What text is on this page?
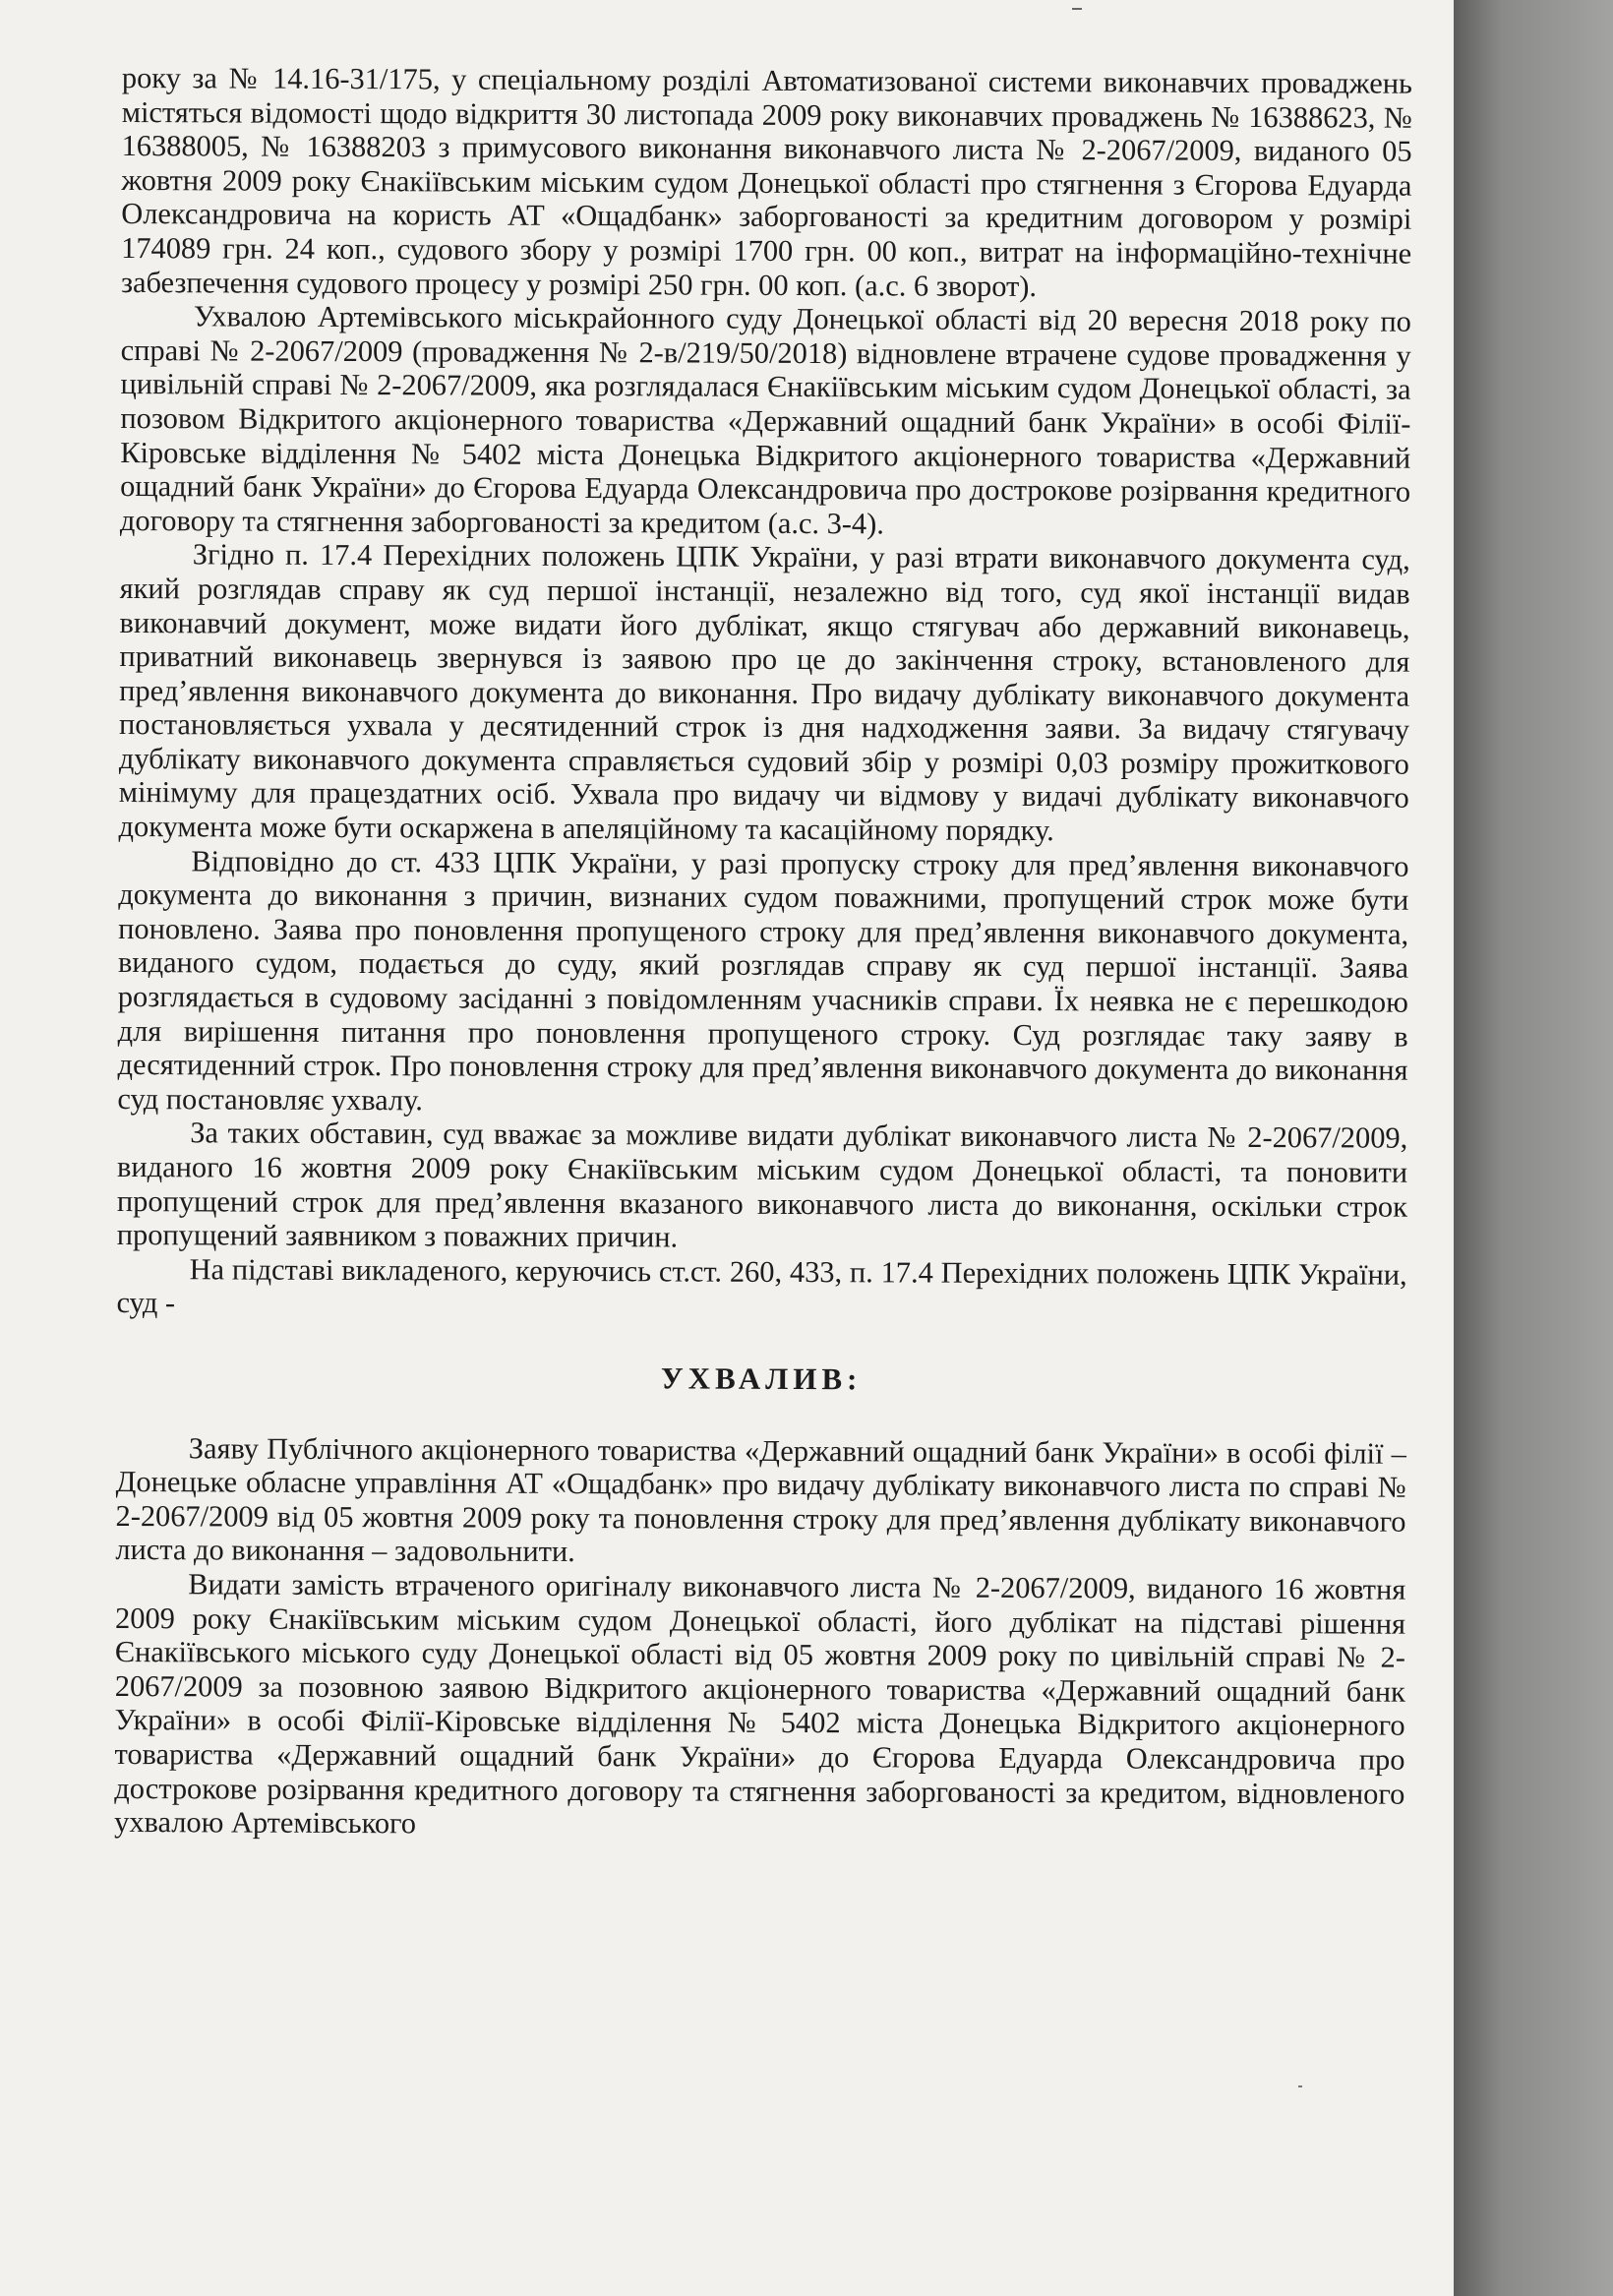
року за № 14.16-31/175, у спеціальному розділі Автоматизованої системи виконавчих проваджень містяться відомості щодо відкриття 30 листопада 2009 року виконавчих проваджень № 16388623, № 16388005, № 16388203 з примусового виконання виконавчого листа № 2-2067/2009, виданого 05 жовтня 2009 року Єнакіївським міським судом Донецької області про стягнення з Єгорова Едуарда Олександровича на користь АТ «Ощадбанк» заборгованості за кредитним договором у розмірі 174089 грн. 24 коп., судового збору у розмірі 1700 грн. 00 коп., витрат на інформаційно-технічне забезпечення судового процесу у розмірі 250 грн. 00 коп. (а.с. 6 зворот).

Ухвалою Артемівського міськрайонного суду Донецької області від 20 вересня 2018 року по справі № 2-2067/2009 (провадження № 2-в/219/50/2018) відновлене втрачене судове провадження у цивільній справі № 2-2067/2009, яка розглядалася Єнакіївським міським судом Донецької області, за позовом Відкритого акціонерного товариства «Державний ощадний банк України» в особі Філії-Кіровське відділення № 5402 міста Донецька Відкритого акціонерного товариства «Державний ощадний банк України» до Єгорова Едуарда Олександровича про дострокове розірвання кредитного договору та стягнення заборгованості за кредитом (а.с. 3-4).

Згідно п. 17.4 Перехідних положень ЦПК України, у разі втрати виконавчого документа суд, який розглядав справу як суд першої інстанції, незалежно від того, суд якої інстанції видав виконавчий документ, може видати його дублікат, якщо стягувач або державний виконавець, приватний виконавець звернувся із заявою про це до закінчення строку, встановленого для пред’явлення виконавчого документа до виконання. Про видачу дублікату виконавчого документа постановляється ухвала у десятиденний строк із дня надходження заяви. За видачу стягувачу дублікату виконавчого документа справляється судовий збір у розмірі 0,03 розміру прожиткового мінімуму для працездатних осіб. Ухвала про видачу чи відмову у видачі дублікату виконавчого документа може бути оскаржена в апеляційному та касаційному порядку.

Відповідно до ст. 433 ЦПК України, у разі пропуску строку для пред’явлення виконавчого документа до виконання з причин, визнаних судом поважними, пропущений строк може бути поновлено. Заява про поновлення пропущеного строку для пред’явлення виконавчого документа, виданого судом, подається до суду, який розглядав справу як суд першої інстанції. Заява розглядається в судовому засіданні з повідомленням учасників справи. Їх неявка не є перешкодою для вирішення питання про поновлення пропущеного строку. Суд розглядає таку заяву в десятиденний строк. Про поновлення строку для пред’явлення виконавчого документа до виконання суд постановляє ухвалу.

За таких обставин, суд вважає за можливе видати дублікат виконавчого листа № 2-2067/2009, виданого 16 жовтня 2009 року Єнакіївським міським судом Донецької області, та поновити пропущений строк для пред’явлення вказаного виконавчого листа до виконання, оскільки строк пропущений заявником з поважних причин.

На підставі викладеного, керуючись ст.ст. 260, 433, п. 17.4 Перехідних положень ЦПК України, суд -

УХВАЛИВ:

Заяву Публічного акціонерного товариства «Державний ощадний банк України» в особі філії – Донецьке обласне управління АТ «Ощадбанк» про видачу дублікату виконавчого листа по справі № 2-2067/2009 від 05 жовтня 2009 року та поновлення строку для пред’явлення дублікату виконавчого листа до виконання – задовольнити.

Видати замість втраченого оригіналу виконавчого листа № 2-2067/2009, виданого 16 жовтня 2009 року Єнакіївським міським судом Донецької області, його дублікат на підставі рішення Єнакіївського міського суду Донецької області від 05 жовтня 2009 року по цивільній справі № 2-2067/2009 за позовною заявою Відкритого акціонерного товариства «Державний ощадний банк України» в особі Філії-Кіровське відділення № 5402 міста Донецька Відкритого акціонерного товариства «Державний ощадний банк України» до Єгорова Едуарда Олександровича про дострокове розірвання кредитного договору та стягнення заборгованості за кредитом, відновленого ухвалою Артемівського
